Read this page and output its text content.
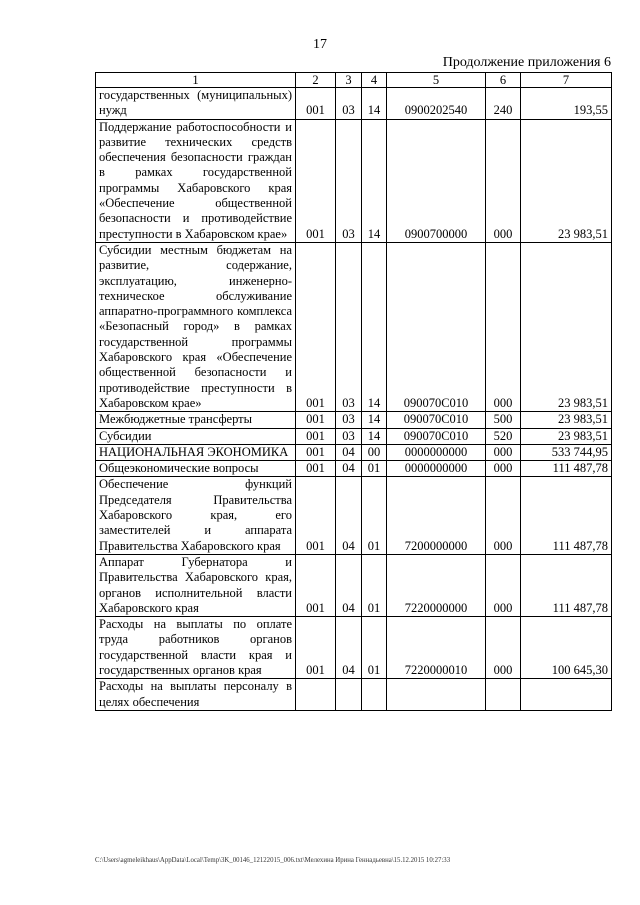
17
Продолжение приложения 6
1	2	3	4	5	6	7
государственных (муниципальных) нужд	001	03	14	0900202540	240	193,55
Поддержание работоспособности и развитие технических средств обеспечения безопасности граждан в рамках государственной программы Хабаровского края «Обеспечение общественной безопасности и противодействие преступности в Хабаровском крае»	001	03	14	0900700000	000	23 983,51
Субсидии местным бюджетам на развитие, содержание, эксплуатацию, инженерно-техническое обслуживание аппаратно-программного комплекса «Безопасный город» в рамках государственной программы Хабаровского края «Обеспечение общественной безопасности и противодействие преступности в Хабаровском крае»	001	03	14	090070С010	000	23 983,51
Межбюджетные трансферты	001	03	14	090070С010	500	23 983,51
Субсидии	001	03	14	090070С010	520	23 983,51
НАЦИОНАЛЬНАЯ ЭКОНОМИКА	001	04	00	0000000000	000	533 744,95
Общеэкономические вопросы	001	04	01	0000000000	000	111 487,78
Обеспечение функций Председателя Правительства Хабаровского края, его заместителей и аппарата Правительства Хабаровского края	001	04	01	7200000000	000	111 487,78
Аппарат Губернатора и Правительства Хабаровского края, органов исполнительной власти Хабаровского края	001	04	01	7220000000	000	111 487,78
Расходы на выплаты по оплате труда работников органов государственной власти края и государственных органов края	001	04	01	7220000010	000	100 645,30
Расходы на выплаты персоналу в целях обеспечения						
C:\Users\agmeleikhaus\AppData\Local\Temp\3K_00146_12122015_006.txt\Мелехина Ирина Геннадьевна\15.12.2015 10:27:33
